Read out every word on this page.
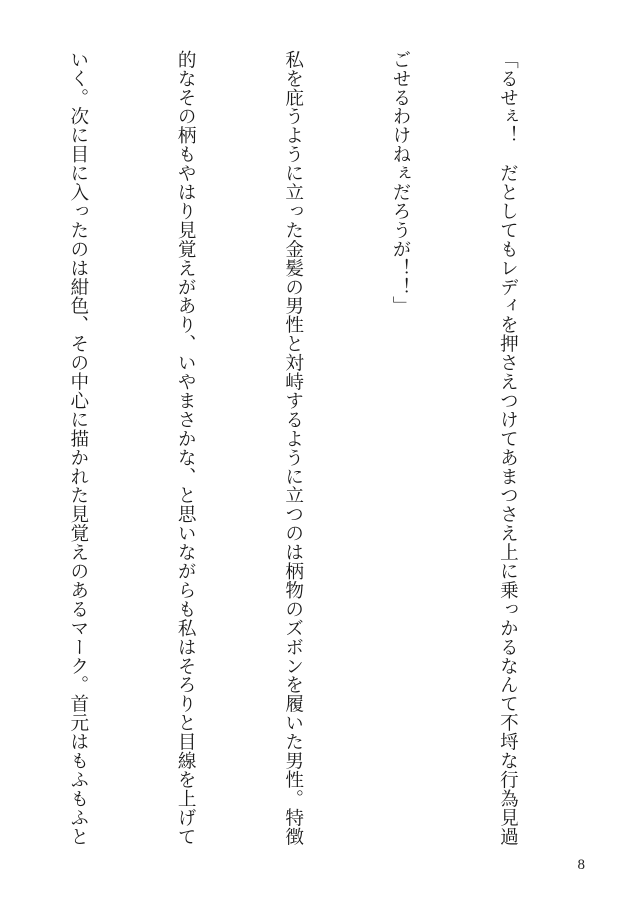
「るせぇ！　だとしてもレディを押さえつけてあまつさえ上に乗っかるなんて不埒な行為見過

ごせるわけねぇだろうが！！」

私を庇うように立った金髪の男性と対峙するように立つのは柄物のズボンを履いた男性。特徴

的なその柄もやはり見覚えがあり、いやまさかな、と思いながらも私はそろりと目線を上げて

いく。次に目に入ったのは紺色、その中心に描かれた見覚えのあるマーク。首元はもふもふと

8
